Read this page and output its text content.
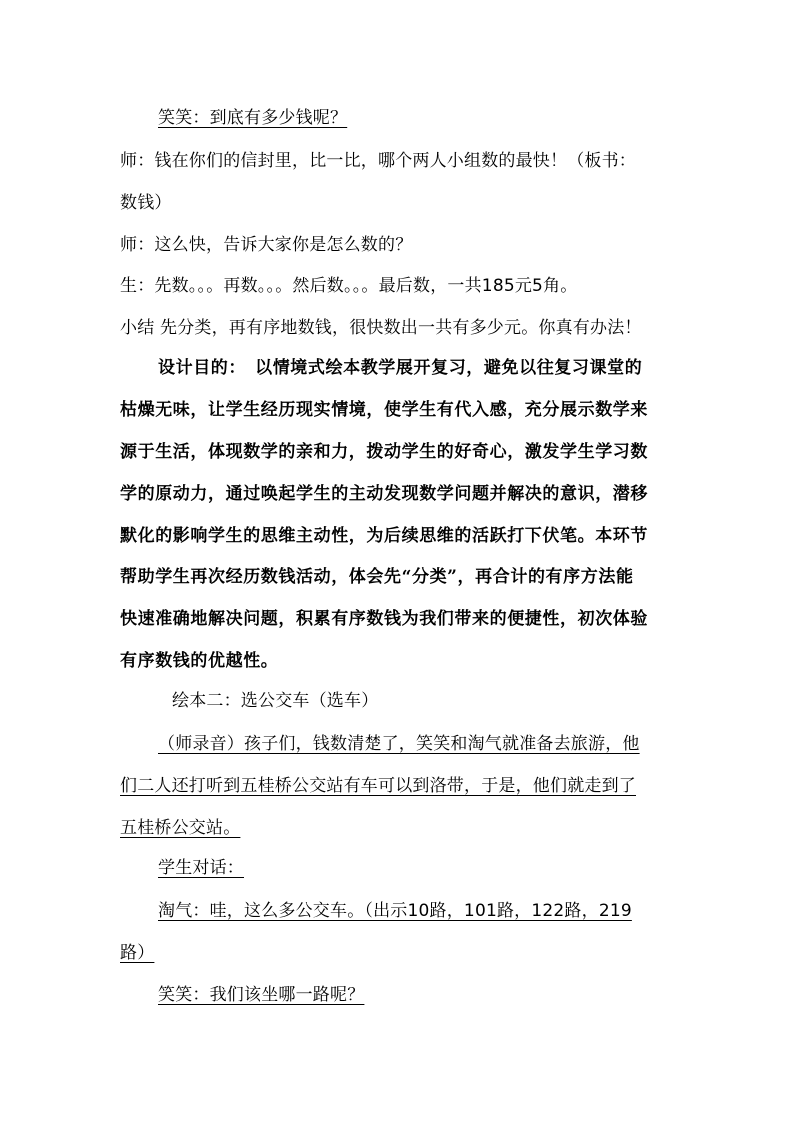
笑笑：到底有多少钱呢？
师：钱在你们的信封里，比一比，哪个两人小组数的最快！（板书：
数钱）
师：这么快，告诉大家你是怎么数的？
生：先数。。。再数。。。然后数。。。最后数，一共185元5角。
小结 先分类，再有序地数钱，很快数出一共有多少元。你真有办法！
设计目的：　以情境式绘本教学展开复习，避免以往复习课堂的
枯燥无味，让学生经历现实情境，使学生有代入感，充分展示数学来
源于生活，体现数学的亲和力，拨动学生的好奇心，激发学生学习数
学的原动力，通过唤起学生的主动发现数学问题并解决的意识，潜移
默化的影响学生的思维主动性，为后续思维的活跃打下伏笔。本环节
帮助学生再次经历数钱活动，体会先“分类”，再合计的有序方法能
快速准确地解决问题，积累有序数钱为我们带来的便捷性，初次体验
有序数钱的优越性。
绘本二：选公交车（选车）
（师录音）孩子们，钱数清楚了，笑笑和淘气就准备去旅游，他
们二人还打听到五桂桥公交站有车可以到洛带，于是，他们就走到了
五桂桥公交站。
学生对话：
淘气：哇，这么多公交车。（出示10路，101路，122路，219
路）
笑笑：我们该坐哪一路呢？
